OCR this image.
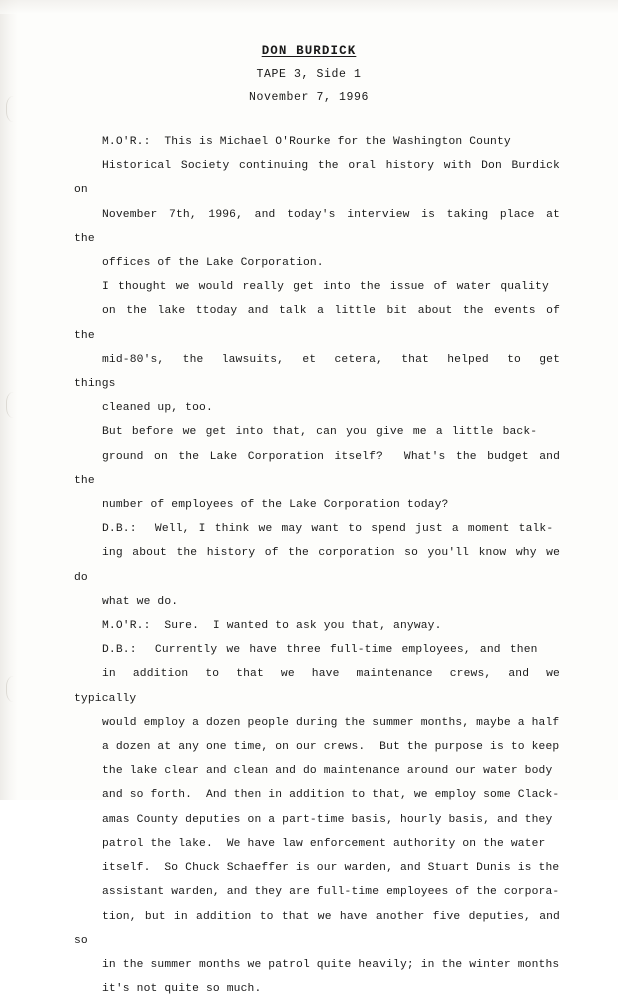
DON BURDICK
TAPE 3, Side 1
November 7, 1996

M.O'R.:  This is Michael O'Rourke for the Washington County
Historical Society continuing the oral history with Don Burdick on
November 7th, 1996, and today's interview is taking place at the
offices of the Lake Corporation.

I thought we would really get into the issue of water quality
on the lake ttoday and talk a little bit about the events of the
mid-80's,  the  lawsuits,  et  cetera,  that  helped  to  get  things
cleaned up, too.

But before we get into that, can you give me a little back-
ground on the Lake Corporation itself?  What's the budget and the
number of employees of the Lake Corporation today?

D.B.:  Well, I think we may want to spend just a moment talk-
ing about the history of the corporation so you'll know why we do
what we do.

M.O'R.:  Sure.  I wanted to ask you that, anyway.

D.B.:  Currently we have three full-time employees, and then
in addition to that we have maintenance crews, and we typically
would employ a dozen people during the summer months, maybe a half
a dozen at any one time, on our crews.  But the purpose is to keep
the lake clear and clean and do maintenance around our water body
and so forth.  And then in addition to that, we employ some Clack-
amas County deputies on a part-time basis, hourly basis, and they
patrol the lake.  We have law enforcement authority on the water
itself.  So Chuck Schaeffer is our warden, and Stuart Dunis is the
assistant warden, and they are full-time employees of the corpora-
tion, but in addition to that we have another five deputies, and so
in the summer months we patrol quite heavily; in the winter months
it's not quite so much.
